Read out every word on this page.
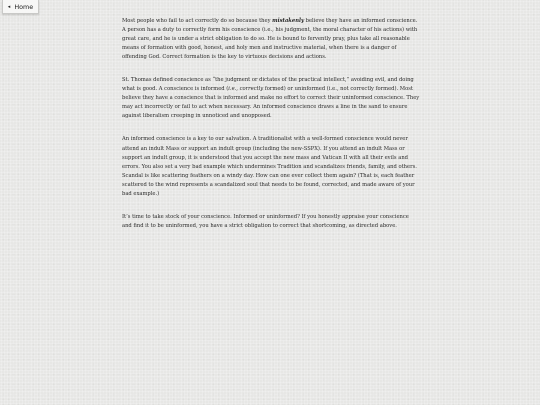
◂ Home

Most people who fail to act correctly do so because they mistakenly believe they have an informed conscience. A person has a duty to correctly form his conscience (i.e., his judgment, the moral character of his actions) with great care, and he is under a strict obligation to do so. He is bound to fervently pray, plus take all reasonable means of formation with good, honest, and holy men and instructive material, when there is a danger of offending God. Correct formation is the key to virtuous decisions and actions.

St. Thomas defined conscience as “the judgment or dictates of the practical intellect,” avoiding evil, and doing what is good. A conscience is informed (i.e., correctly formed) or uninformed (i.e., not correctly formed). Most believe they have a conscience that is informed and make no effort to correct their uninformed conscience. They may act incorrectly or fail to act when necessary. An informed conscience draws a line in the sand to ensure against liberalism creeping in unnoticed and unopposed.

An informed conscience is a key to our salvation. A traditionalist with a well-formed conscience would never attend an indult Mass or support an indult group (including the new-SSPX). If you attend an indult Mass or support an indult group, it is understood that you accept the new mass and Vatican II with all their evils and errors. You also set a very bad example which undermines Tradition and scandalizes friends, family, and others. Scandal is like scattering feathers on a windy day. How can one ever collect them again? (That is, each feather scattered to the wind represents a scandalized soul that needs to be found, corrected, and made aware of your bad example.)

It’s time to take stock of your conscience. Informed or uninformed? If you honestly appraise your conscience and find it to be uninformed, you have a strict obligation to correct that shortcoming, as directed above.
